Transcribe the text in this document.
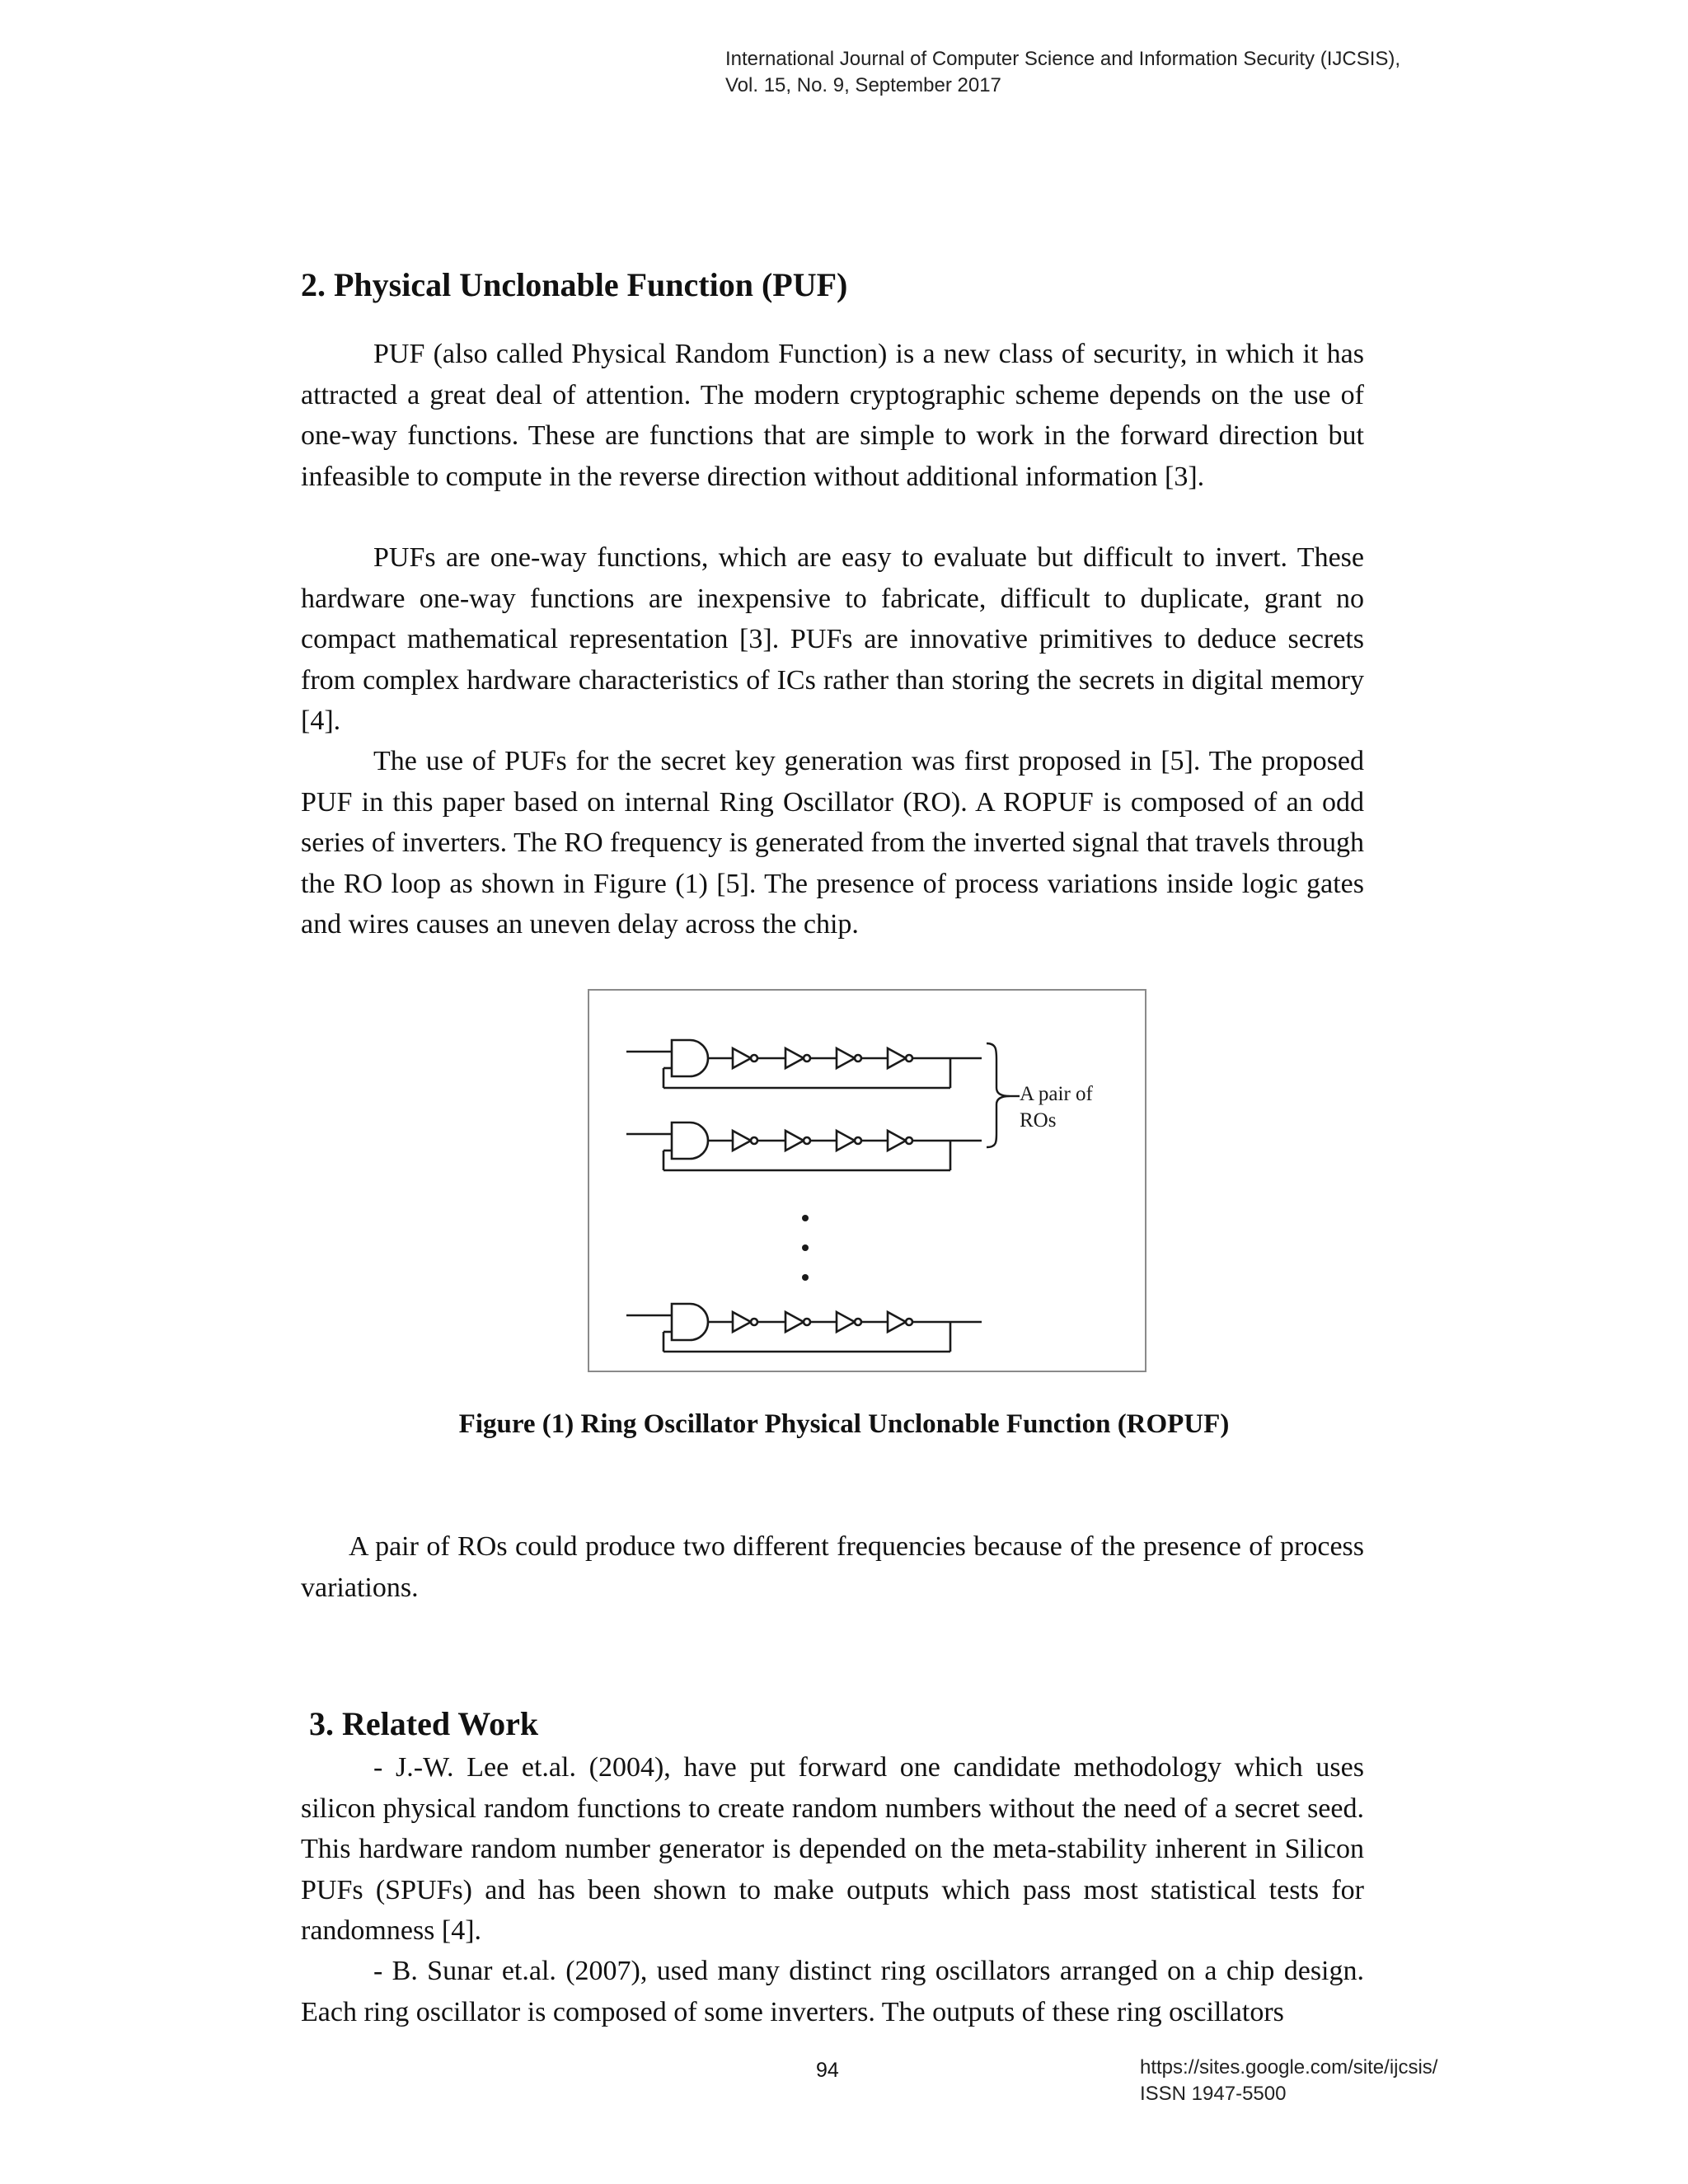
International Journal of Computer Science and Information Security (IJCSIS),
Vol. 15, No. 9, September 2017
2. Physical Unclonable Function (PUF)

PUF (also called Physical Random Function) is a new class of security, in which it has attracted a great deal of attention. The modern cryptographic scheme depends on the use of one-way functions. These are functions that are simple to work in the forward direction but infeasible to compute in the reverse direction without additional information [3].

PUFs are one-way functions, which are easy to evaluate but difficult to invert. These hardware one-way functions are inexpensive to fabricate, difficult to duplicate, grant no compact mathematical representation [3]. PUFs are innovative primitives to deduce secrets from complex hardware characteristics of ICs rather than storing the secrets in digital memory [4].

The use of PUFs for the secret key generation was first proposed in [5]. The proposed PUF in this paper based on internal Ring Oscillator (RO). A ROPUF is composed of an odd series of inverters. The RO frequency is generated from the inverted signal that travels through the RO loop as shown in Figure (1) [5]. The presence of process variations inside logic gates and wires causes an uneven delay across the chip.

A pair of
ROs
Figure (1) Ring Oscillator Physical Unclonable Function (ROPUF)

A pair of ROs could produce two different frequencies because of the presence of process variations.

3. Related Work

- J.-W. Lee et.al. (2004), have put forward one candidate methodology which uses silicon physical random functions to create random numbers without the need of a secret seed. This hardware random number generator is depended on the meta-stability inherent in Silicon PUFs (SPUFs) and has been shown to make outputs which pass most statistical tests for randomness [4].

- B. Sunar et.al. (2007), used many distinct ring oscillators arranged on a chip design. Each ring oscillator is composed of some inverters. The outputs of these ring oscillators

94	https://sites.google.com/site/ijcsis/
ISSN 1947-5500
